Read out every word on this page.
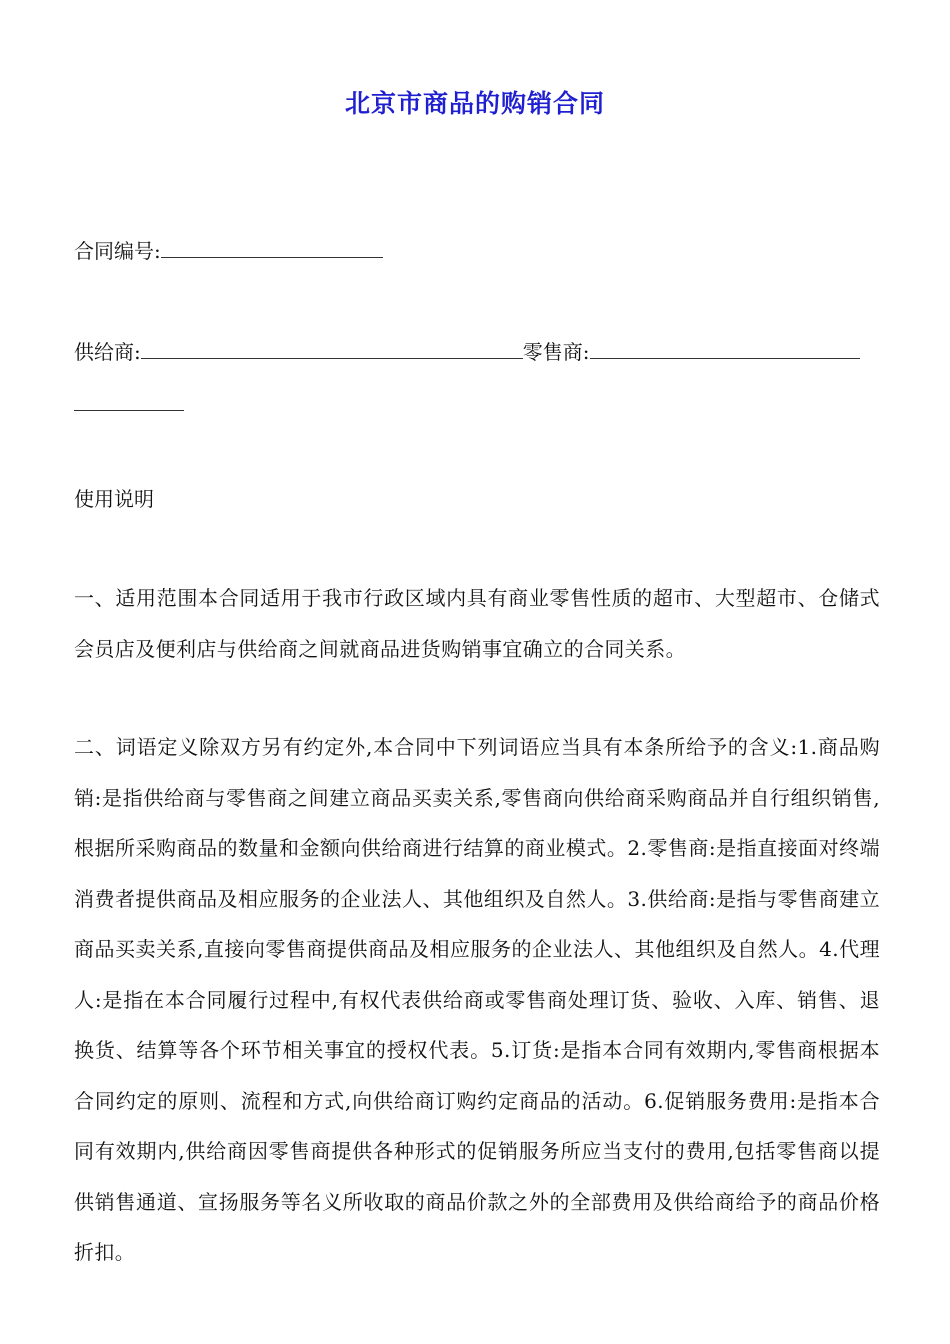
北京市商品的购销合同
合同编号:
供给商:	零售商:
使用说明
一、适用范围本合同适用于我市行政区域内具有商业零售性质的超市、大型超市、仓储式会员店及便利店与供给商之间就商品进货购销事宜确立的合同关系。
二、词语定义除双方另有约定外,本合同中下列词语应当具有本条所给予的含义:1.商品购销:是指供给商与零售商之间建立商品买卖关系,零售商向供给商采购商品并自行组织销售,根据所采购商品的数量和金额向供给商进行结算的商业模式。2.零售商:是指直接面对终端消费者提供商品及相应服务的企业法人、其他组织及自然人。3.供给商:是指与零售商建立商品买卖关系,直接向零售商提供商品及相应服务的企业法人、其他组织及自然人。4.代理人:是指在本合同履行过程中,有权代表供给商或零售商处理订货、验收、入库、销售、退换货、结算等各个环节相关事宜的授权代表。5.订货:是指本合同有效期内,零售商根据本合同约定的原则、流程和方式,向供给商订购约定商品的活动。6.促销服务费用:是指本合同有效期内,供给商因零售商提供各种形式的促销服务所应当支付的费用,包括零售商以提供销售通道、宣扬服务等名义所收取的商品价款之外的全部费用及供给商给予的商品价格折扣。
